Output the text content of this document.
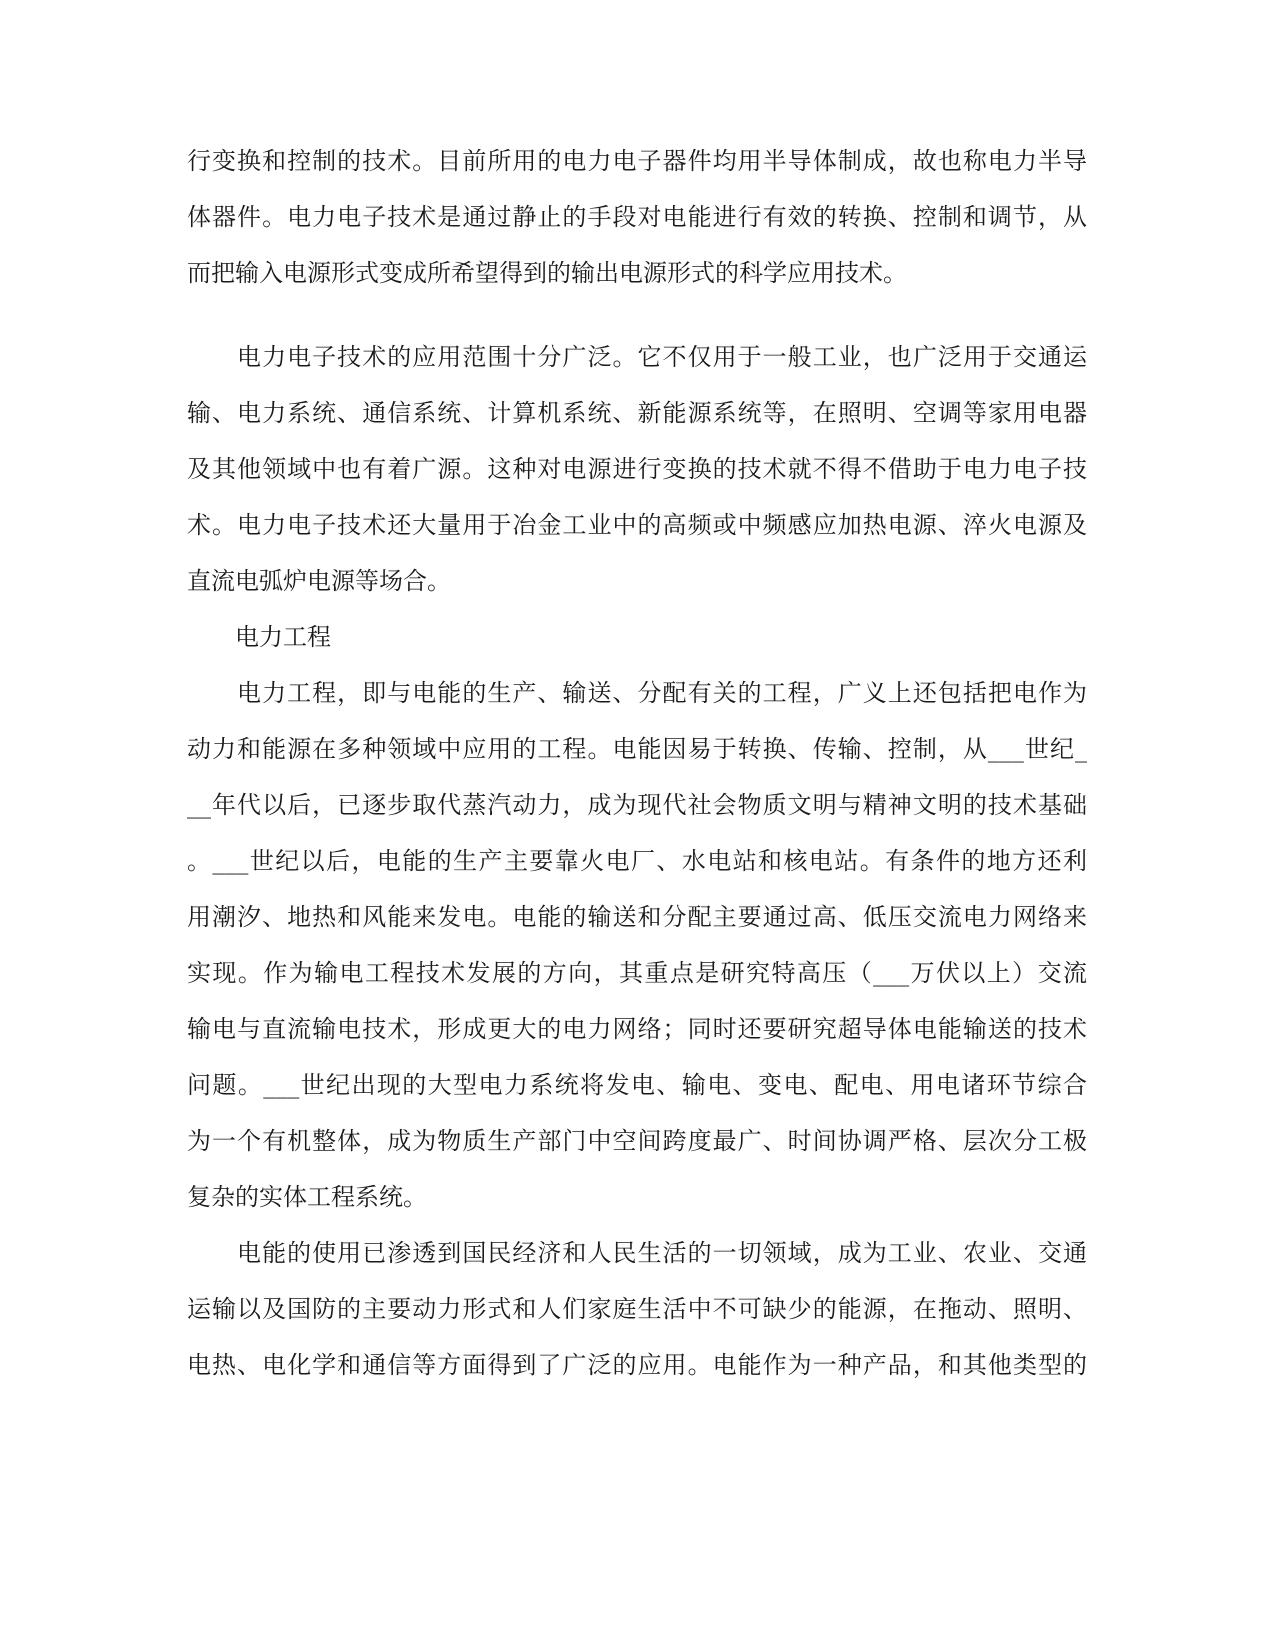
行变换和控制的技术。目前所用的电力电子器件均用半导体制成，故也称电力半导
体器件。电力电子技术是通过静止的手段对电能进行有效的转换、控制和调节，从
而把输入电源形式变成所希望得到的输出电源形式的科学应用技术。
　　电力电子技术的应用范围十分广泛。它不仅用于一般工业，也广泛用于交通运
输、电力系统、通信系统、计算机系统、新能源系统等，在照明、空调等家用电器
及其他领域中也有着广源。这种对电源进行变换的技术就不得不借助于电力电子技
术。电力电子技术还大量用于冶金工业中的高频或中频感应加热电源、淬火电源及
直流电弧炉电源等场合。
　　电力工程
　　电力工程，即与电能的生产、输送、分配有关的工程，广义上还包括把电作为
动力和能源在多种领域中应用的工程。电能因易于转换、传输、控制，从___世纪_
__年代以后，已逐步取代蒸汽动力，成为现代社会物质文明与精神文明的技术基础
。___世纪以后，电能的生产主要靠火电厂、水电站和核电站。有条件的地方还利
用潮汐、地热和风能来发电。电能的输送和分配主要通过高、低压交流电力网络来
实现。作为输电工程技术发展的方向，其重点是研究特高压（___万伏以上）交流
输电与直流输电技术，形成更大的电力网络；同时还要研究超导体电能输送的技术
问题。___世纪出现的大型电力系统将发电、输电、变电、配电、用电诸环节综合
为一个有机整体，成为物质生产部门中空间跨度最广、时间协调严格、层次分工极
复杂的实体工程系统。
　　电能的使用已渗透到国民经济和人民生活的一切领域，成为工业、农业、交通
运输以及国防的主要动力形式和人们家庭生活中不可缺少的能源，在拖动、照明、
电热、电化学和通信等方面得到了广泛的应用。电能作为一种产品，和其他类型的
